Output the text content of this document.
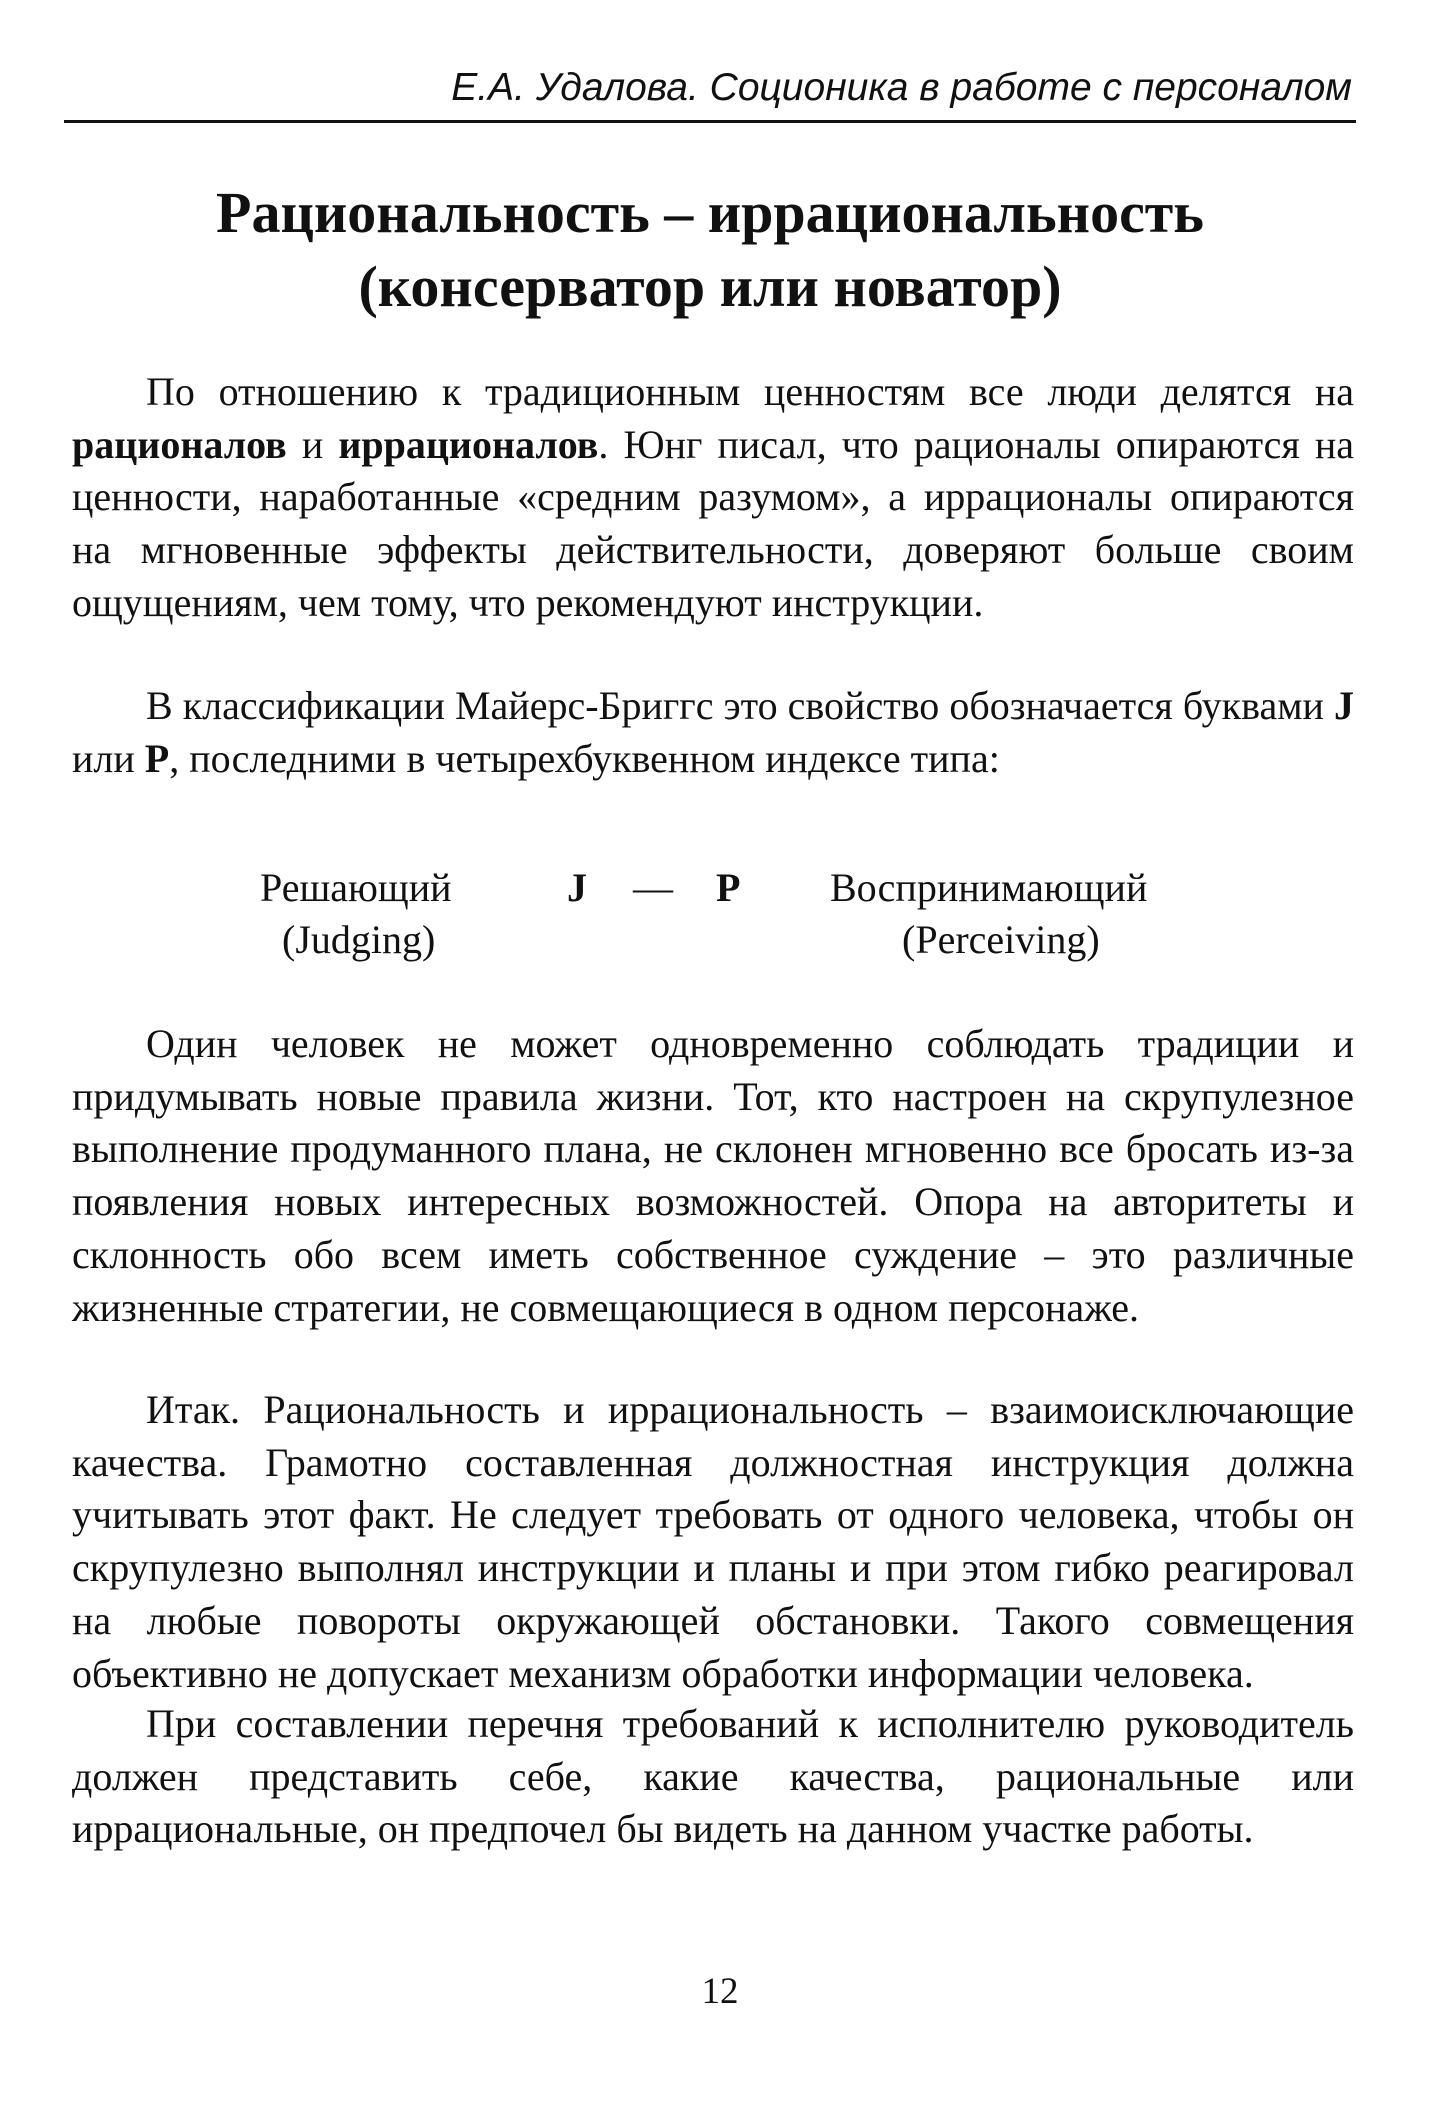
Е.А. Удалова. Соционика в работе с персоналом
Рациональность – иррациональность
(консерватор или новатор)

По отношению к традиционным ценностям все люди делятся на рационалов и иррационалов. Юнг писал, что рационалы опираются на ценности, наработанные «средним разумом», а иррационалы опираются на мгновенные эффекты действительности, доверяют больше своим ощущениям, чем тому, что рекомендуют инструкции.

В классификации Майерс-Бриггс это свойство обозначается буквами J или P, последними в четырехбуквенном индексе типа:

Решающий	J — P Воспринимающий
(Judging)	(Perceiving)

Один человек не может одновременно соблюдать традиции и придумывать новые правила жизни. Тот, кто настроен на скрупулезное выполнение продуманного плана, не склонен мгновенно все бросать из-за появления новых интересных возможностей. Опора на авторитеты и склонность обо всем иметь собственное суждение – это различные жизненные стратегии, не совмещающиеся в одном персонаже.

Итак. Рациональность и иррациональность – взаимоисключающие качества. Грамотно составленная должностная инструкция должна учитывать этот факт. Не следует требовать от одного человека, чтобы он скрупулезно выполнял инструкции и планы и при этом гибко реагировал на любые повороты окружающей обстановки. Такого совмещения объективно не допускает механизм обработки информации человека.

При составлении перечня требований к исполнителю руководитель должен представить себе, какие качества, рациональные или иррациональные, он предпочел бы видеть на данном участке работы.

12
